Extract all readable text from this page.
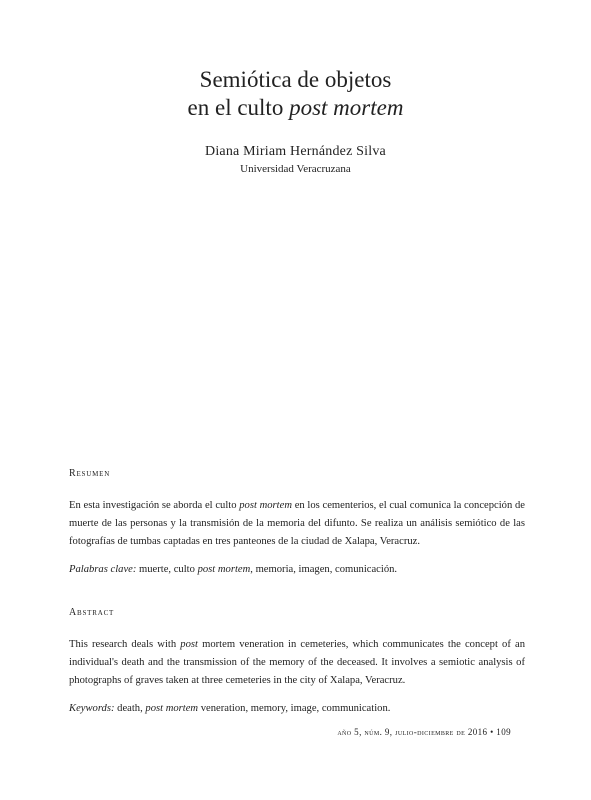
Semiótica de objetos
en el culto post mortem
Diana Miriam Hernández Silva
Universidad Veracruzana
Resumen
En esta investigación se aborda el culto post mortem en los cementerios, el cual comunica la concepción de muerte de las personas y la transmisión de la memoria del difunto. Se realiza un análisis semiótico de las fotografías de tumbas captadas en tres panteones de la ciudad de Xalapa, Veracruz.
Palabras clave: muerte, culto post mortem, memoria, imagen, comunicación.
Abstract
This research deals with post mortem veneration in cemeteries, which communicates the concept of an individual's death and the transmission of the memory of the deceased. It involves a semiotic analysis of photographs of graves taken at three cemeteries in the city of Xalapa, Veracruz.
Keywords: death, post mortem veneration, memory, image, communication.
año 5, núm. 9, julio-diciembre de 2016 • 109
